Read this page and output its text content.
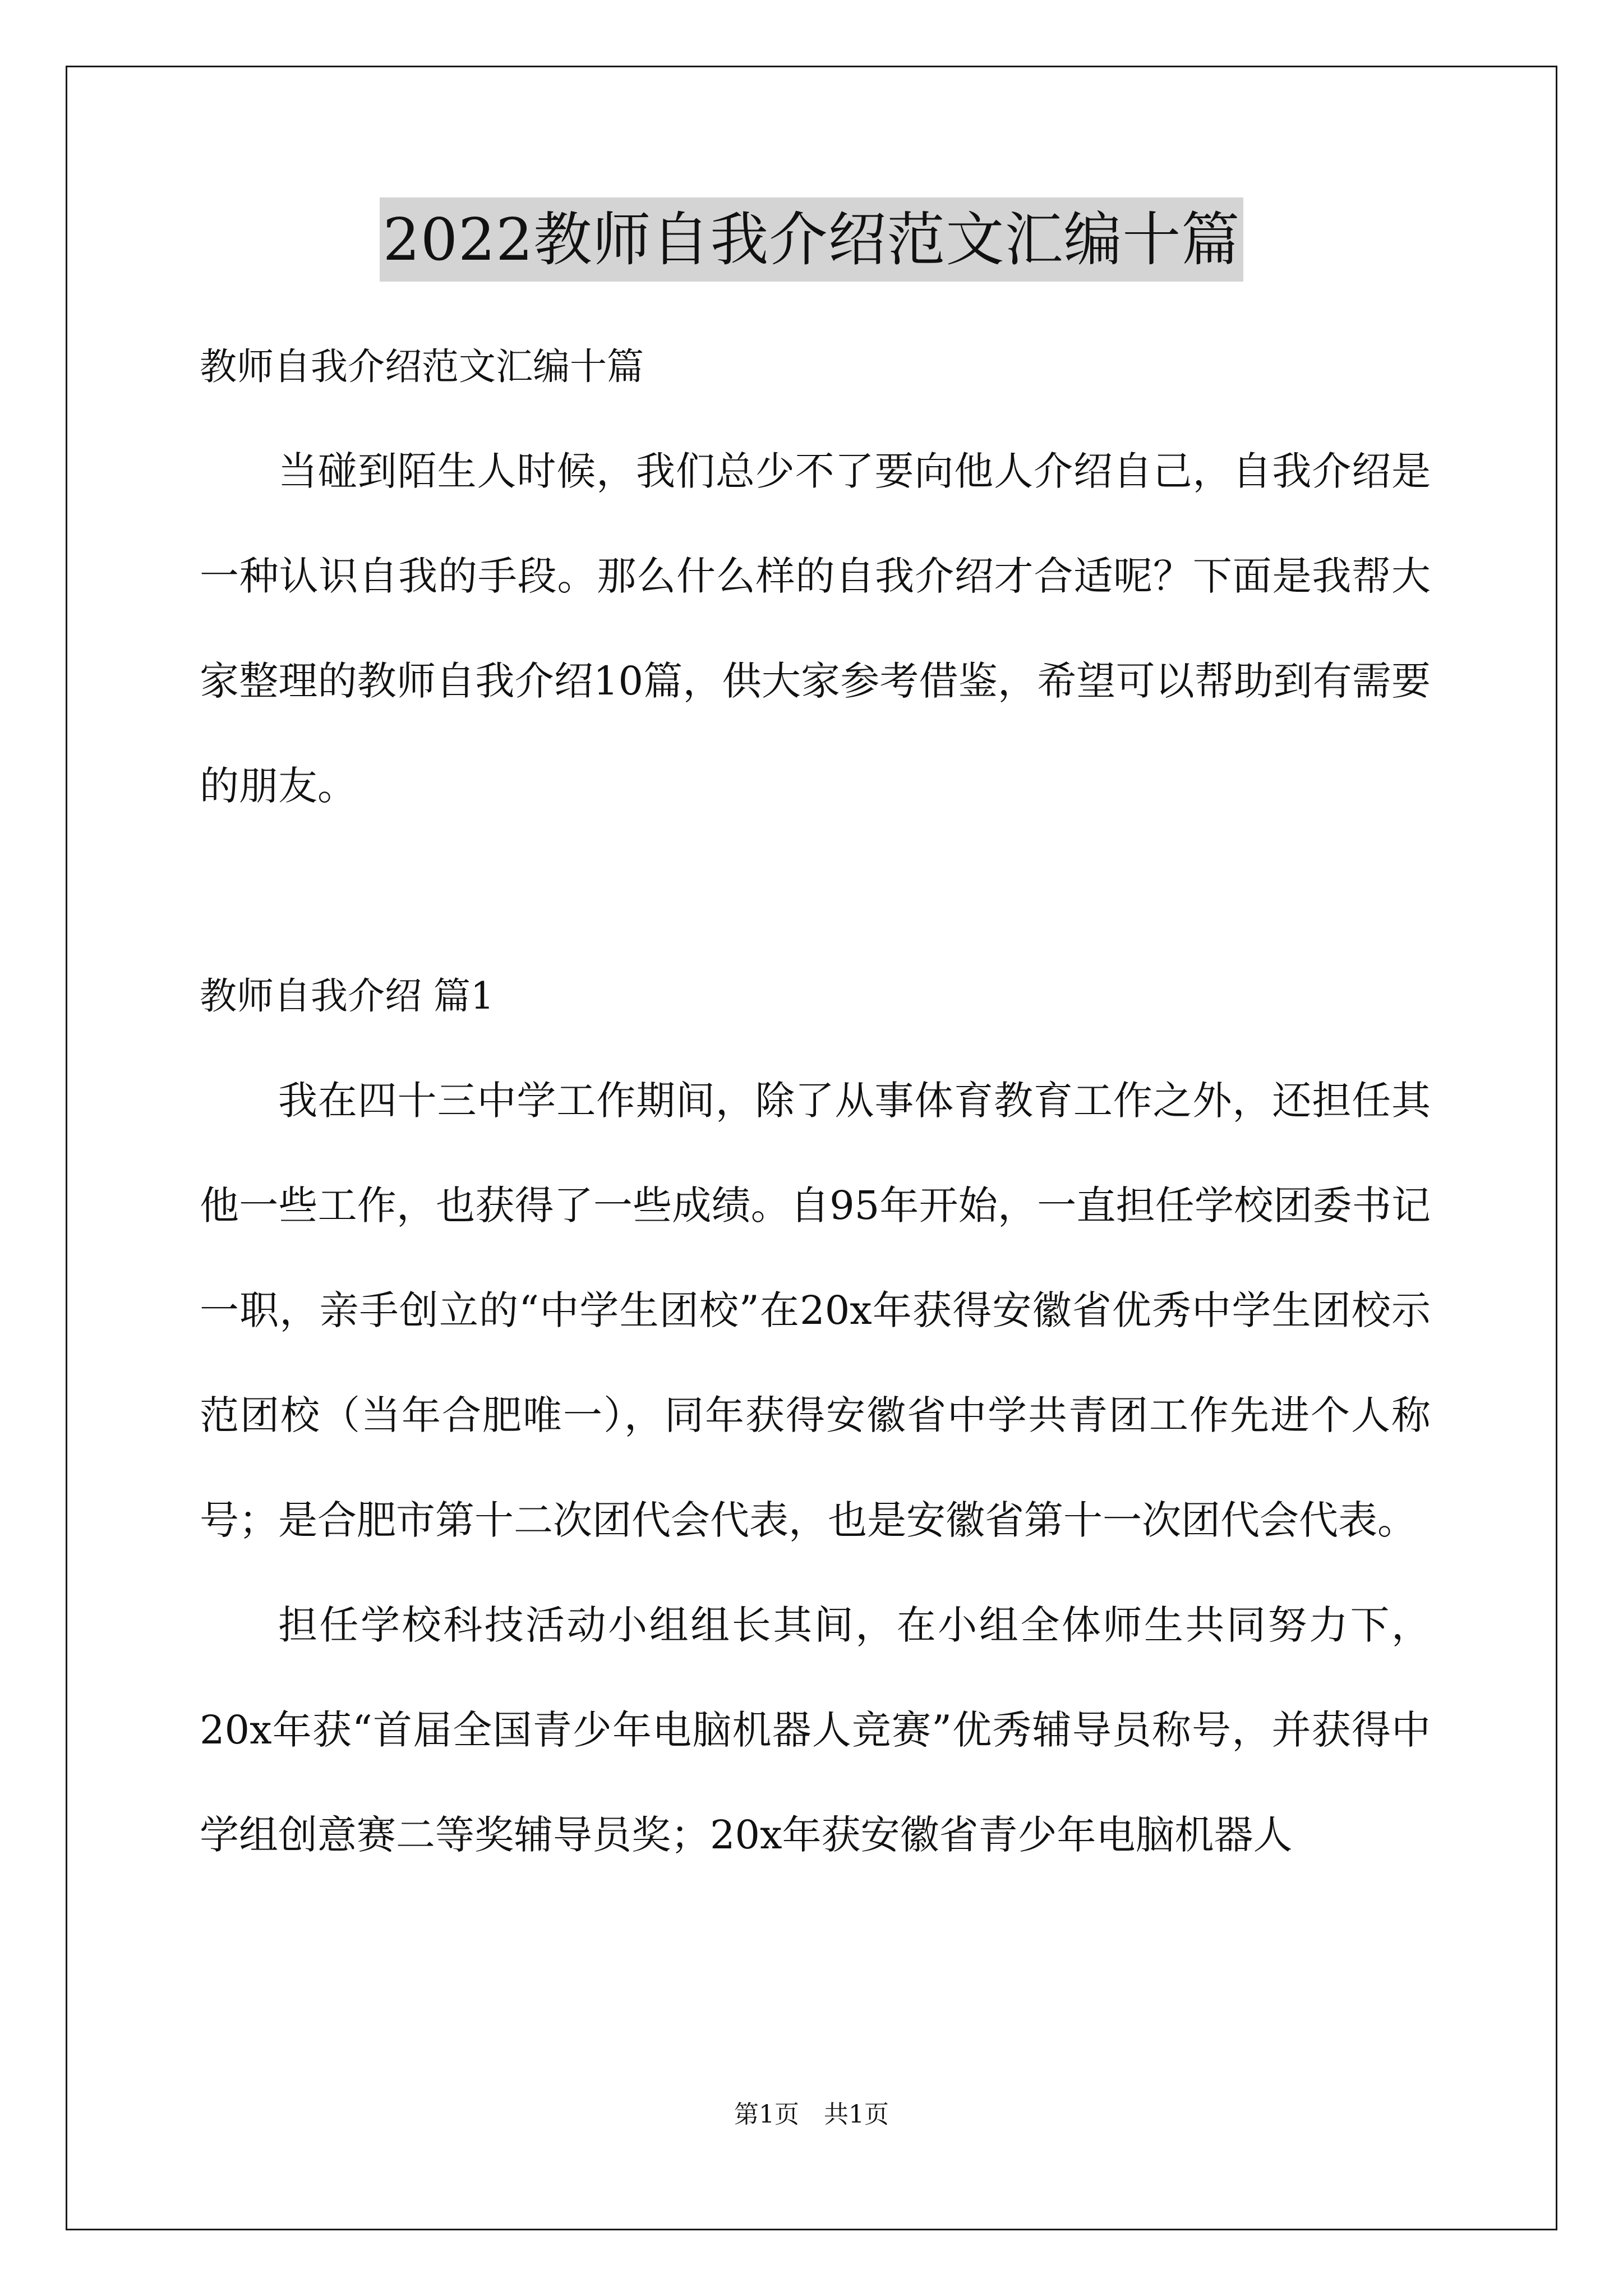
2022教师自我介绍范文汇编十篇

教师自我介绍范文汇编十篇

当碰到陌生人时候，我们总少不了要向他人介绍自己，自我介绍是一种认识自我的手段。那么什么样的自我介绍才合适呢？下面是我帮大家整理的教师自我介绍10篇，供大家参考借鉴，希望可以帮助到有需要的朋友。

教师自我介绍 篇1

我在四十三中学工作期间，除了从事体育教育工作之外，还担任其他一些工作，也获得了一些成绩。自95年开始，一直担任学校团委书记一职，亲手创立的“中学生团校”在20x年获得安徽省优秀中学生团校示范团校（当年合肥唯一），同年获得安徽省中学共青团工作先进个人称号；是合肥市第十二次团代会代表，也是安徽省第十一次团代会代表。

担任学校科技活动小组组长其间，在小组全体师生共同努力下，20x年获“首届全国青少年电脑机器人竞赛”优秀辅导员称号，并获得中学组创意赛二等奖辅导员奖；20x年获安徽省青少年电脑机器人

第1页　共1页
